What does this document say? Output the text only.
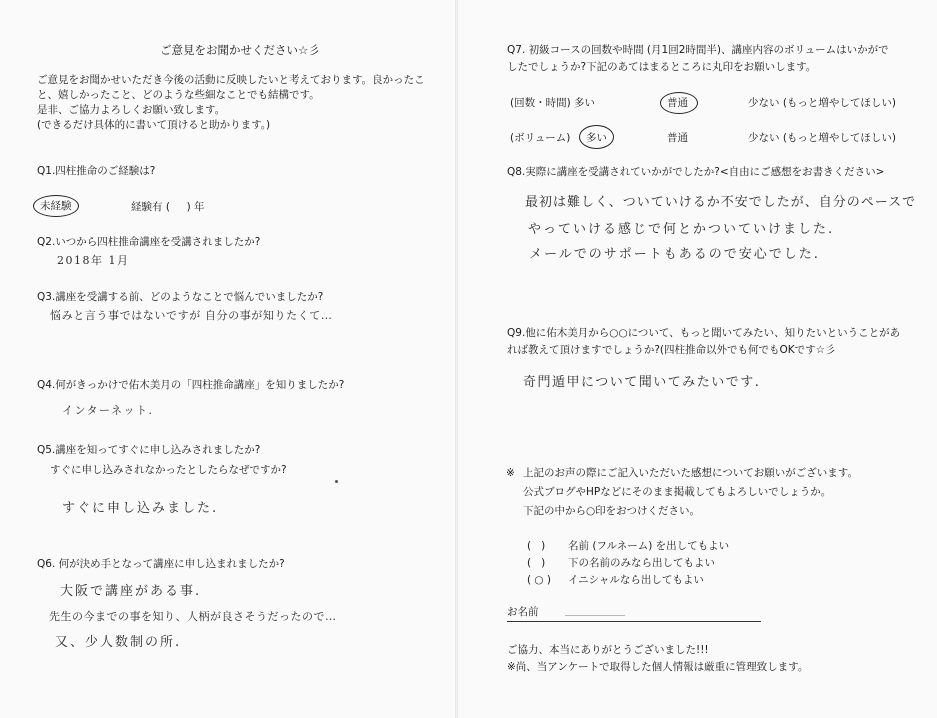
ご意見をお聞かせください☆彡
ご意見をお聞かせいただき今後の活動に反映したいと考えております。良かったこ
と、嬉しかったこと、どのような些細なことでも結構です。
是非、ご協力よろしくお願い致します。
(できるだけ具体的に書いて頂けると助かります。)
Q1.四柱推命のご経験は?
未経験	経験有 (     ) 年
Q2.いつから四柱推命講座を受講されましたか?
2018年 1月
Q3.講座を受講する前、どのようなことで悩んでいましたか?
悩みと言う事ではないですが 自分の事が知りたくて…
Q4.何がきっかけで佑木美月の「四柱推命講座」を知りましたか?
インターネット.
Q5.講座を知ってすぐに申し込みされましたか?
すぐに申し込みされなかったとしたらなぜですか?
すぐに申し込みました.
Q6. 何が決め手となって講座に申し込まれましたか?
大阪で講座がある事.
先生の今までの事を知り、人柄が良さそうだったので…
又、少人数制の所.
Q7. 初級コースの回数や時間 (月1回2時間半)、講座内容のボリュームはいかがで
したでしょうか?下記のあてはまるところに丸印をお願いします。
(回数・時間) 多い	普通	少ない (もっと増やしてほしい)
(ボリューム) 多い	普通	少ない (もっと増やしてほしい)
Q8.実際に講座を受講されていかがでしたか?<自由にご感想をお書きください>
最初は難しく、ついていけるか不安でしたが、自分のペースで
やっていける感じで何とかついていけました.
メールでのサポートもあるので安心でした.
Q9.他に佑木美月から○○について、もっと聞いてみたい、知りたいということがあ
れば教えて頂けますでしょうか?(四柱推命以外でも何でもOKです☆彡
奇門遁甲について聞いてみたいです.
※ 上記のお声の際にご記入いただいた感想についてお願いがございます。
公式ブログやHPなどにそのまま掲載してもよろしいでしょうか。
下記の中から○印をおつけください。
(   ) 名前 (フルネーム) を出してもよい
(   ) 下の名前のみなら出してもよい
( ○ ) イニシャルなら出してもよい
お名前
ご協力、本当にありがとうございました!!!
※尚、当アンケートで取得した個人情報は厳重に管理致します。
